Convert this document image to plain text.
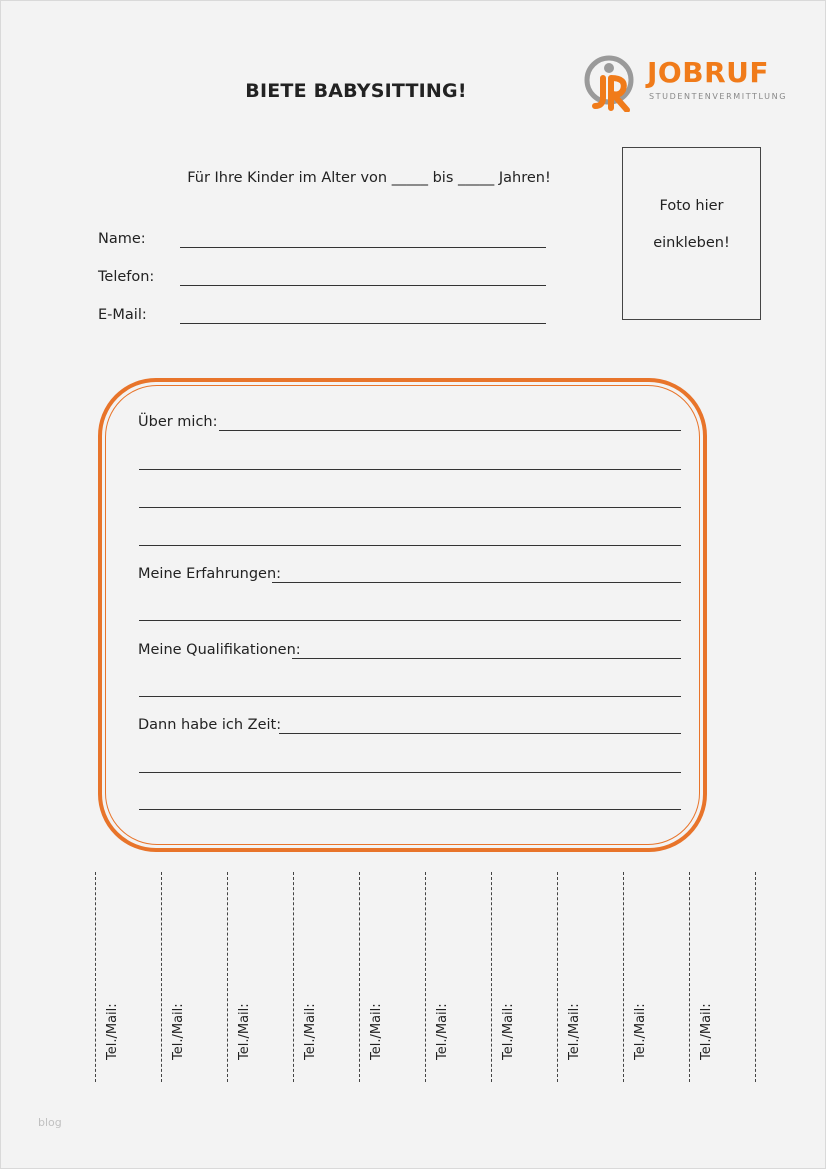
JOBRUF
STUDENTENVERMITTLUNG
BIETE BABYSITTING!
Für Ihre Kinder im Alter von _____ bis _____ Jahren!
Name:
Telefon:
E-Mail:
Foto hier
einkleben!
Über mich:
Meine Erfahrungen:
Meine Qualifikationen:
Dann habe ich Zeit:
Tel./Mail:	Tel./Mail:	Tel./Mail:	Tel./Mail:	Tel./Mail:	Tel./Mail:	Tel./Mail:	Tel./Mail:	Tel./Mail:	Tel./Mail:
blog
